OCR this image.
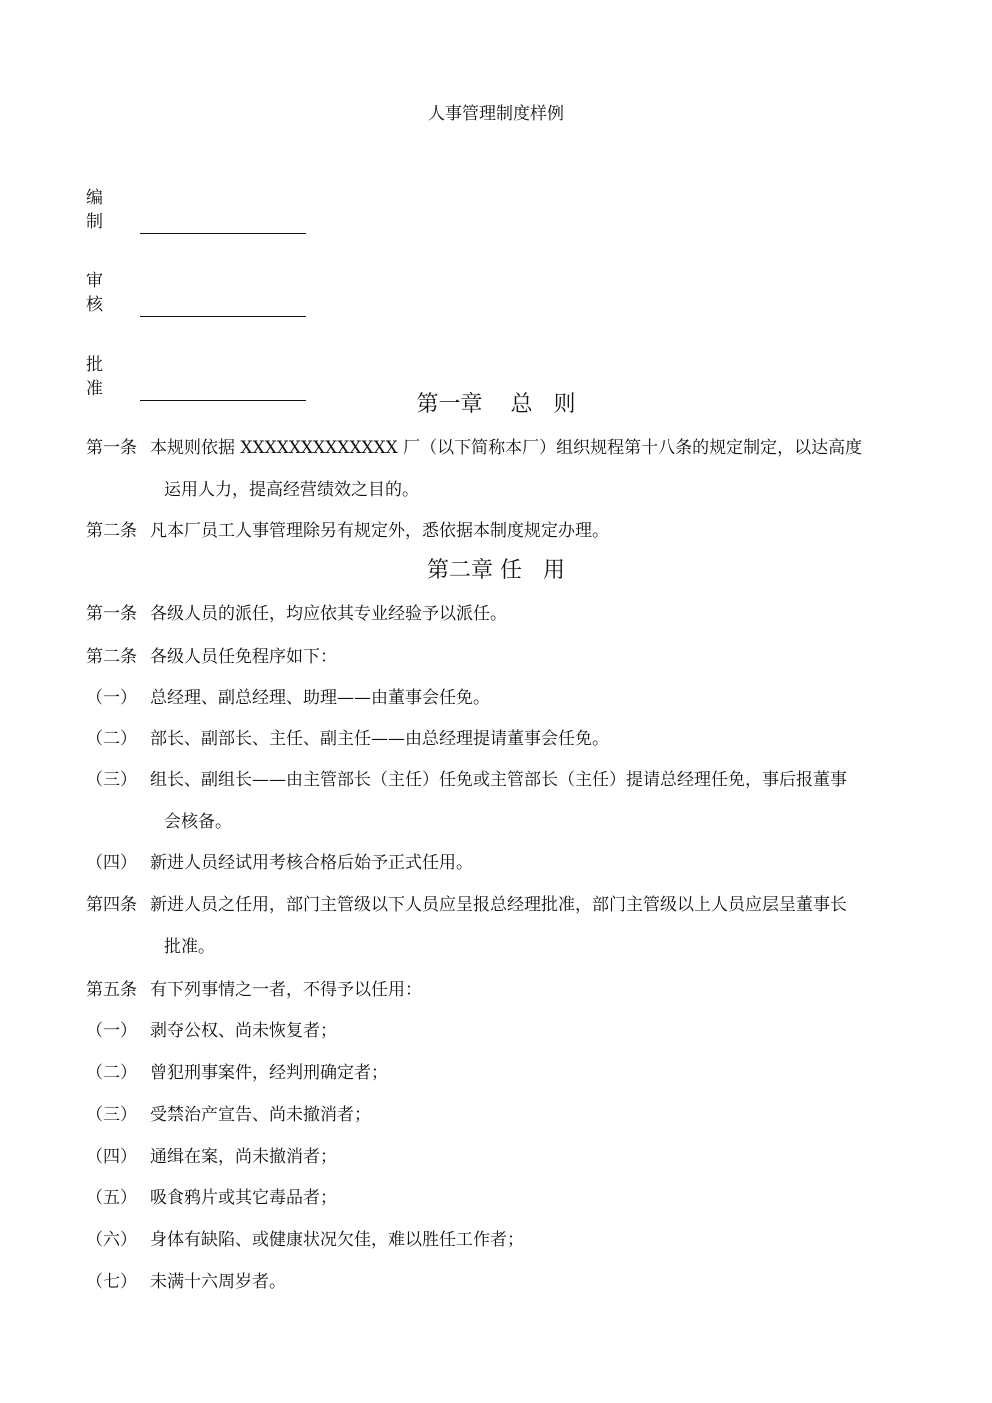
人事管理制度样例
编 制
审 核
批 准
第一章    总   则
第一条 本规则依据 XXXXXXXXXXXXX 厂（以下简称本厂）组织规程第十八条的规定制定，以达高度
运用人力，提高经营绩效之目的。
第二条 凡本厂员工人事管理除另有规定外，悉依据本制度规定办理。
第二章 任   用
第一条 各级人员的派任，均应依其专业经验予以派任。
第二条 各级人员任免程序如下：
（一） 总经理、副总经理、助理——由董事会任免。
（二） 部长、副部长、主任、副主任——由总经理提请董事会任免。
（三） 组长、副组长——由主管部长（主任）任免或主管部长（主任）提请总经理任免，事后报董事
会核备。
（四） 新进人员经试用考核合格后始予正式任用。
第四条 新进人员之任用，部门主管级以下人员应呈报总经理批准，部门主管级以上人员应层呈董事长
批准。
第五条 有下列事情之一者，不得予以任用：
（一） 剥夺公权、尚未恢复者；
（二） 曾犯刑事案件，经判刑确定者；
（三） 受禁治产宣告、尚未撤消者；
（四） 通缉在案，尚未撤消者；
（五） 吸食鸦片或其它毒品者；
（六） 身体有缺陷、或健康状况欠佳，难以胜任工作者；
（七） 未满十六周岁者。
